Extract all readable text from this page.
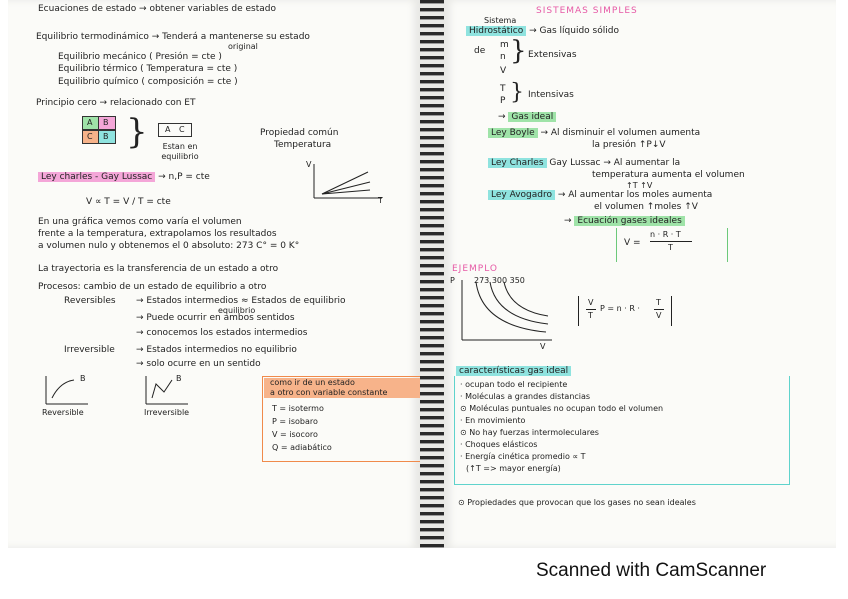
Ecuaciones de estado → obtener variables de estado
Equilibrio termodinámico → Tenderá a mantenerse su estado
original
Equilibrio mecánico ( Presión = cte )
Equilibrio térmico ( Temperatura = cte )
Equilibrio químico ( composición = cte )
Principio cero → relacionado con ET
A B
C B } A C
Estan en equilibrio
Propiedad común
Temperatura
Ley charles - Gay Lussac → n,P = cte
V ∝ T = V / T = cte
V
T
En una gráfica vemos como varía el volumen
frente a la temperatura, extrapolamos los resultados
a volumen nulo y obtenemos el 0 absoluto: 273 C° = 0 K°
La trayectoria es la transferencia de un estado a otro
Procesos: cambio de un estado de equilibrio a otro
Reversibles → Estados intermedios ≈ Estados de equilibrio
equilibrio
→ Puede ocurrir en ambos sentidos
→ conocemos los estados intermedios
Irreversible → Estados intermedios no equilibrio
→ solo ocurre en un sentido
B	B
Reversible	Irreversible
como ir de un estado
a otro con variable constante
T = isotermo
P = isobaro
V = isocoro
Q = adiabático
SISTEMAS SIMPLES
Sistema
Hidrostático → Gas líquido sólido
de
m
n
V
} Extensivas
T
P } Intensivas
→ Gas ideal
Ley Boyle → Al disminuir el volumen aumenta
la presión ↑P↓V
Ley Charles Gay Lussac → Al aumentar la
temperatura aumenta el volumen
↑T ↑V
Ley Avogadro → Al aumentar los moles aumenta
el volumen ↑moles ↑V
→ Ecuación gases ideales
V =
n · R · T
T
EJEMPLO
P
V
273 300 350
V
T
P = n · R ·
T
V
características gas ideal
· ocupan todo el recipiente
· Moléculas a grandes distancias
⊙ Moléculas puntuales no ocupan todo el volumen
· En movimiento
⊙ No hay fuerzas intermoleculares
· Choques elásticos
· Energía cinética promedio ∝ T
(↑T => mayor energía)
⊙ Propiedades que provocan que los gases no sean ideales
Scanned with CamScanner
